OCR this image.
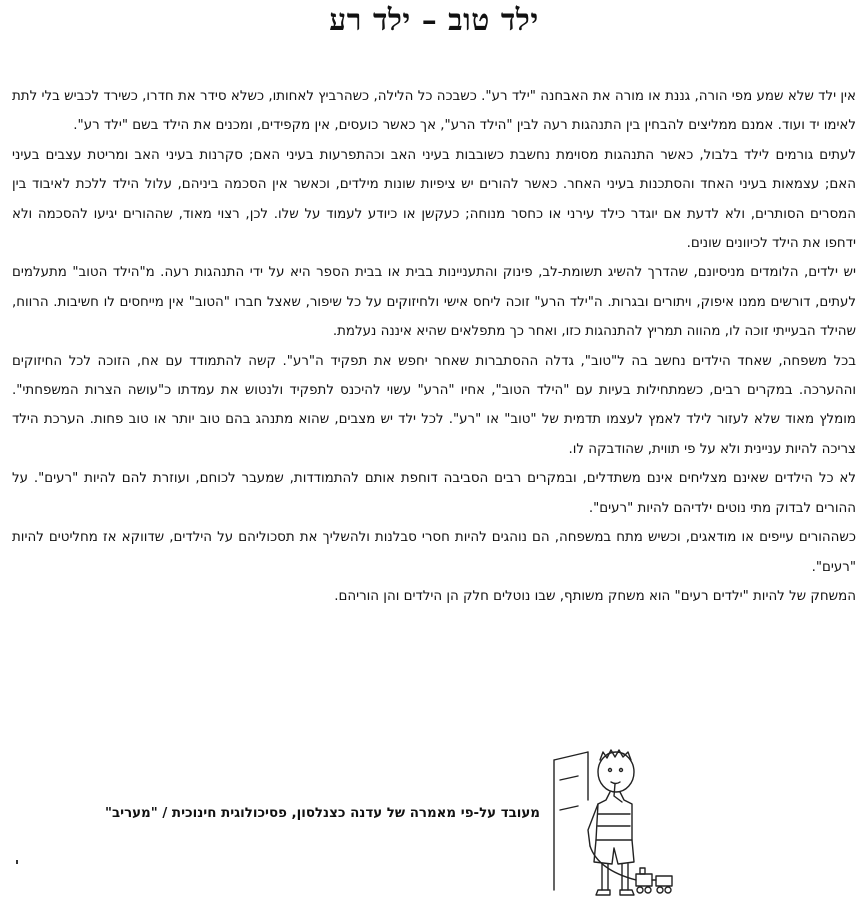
ילד טוב – ילד רע

אין ילד שלא שמע מפי הורה, גננת או מורה את האבחנה "ילד רע". כשבכה כל הלילה, כשהרביץ לאחותו, כשלא סידר את חדרו, כשירד לכביש בלי לתת לאימו יד ועוד. אמנם ממליצים להבחין בין התנהגות רעה לבין "הילד הרע", אך כאשר כועסים, אין מקפידים, ומכנים את הילד בשם "ילד רע".

לעתים גורמים לילד בלבול, כאשר התנהגות מסוימת נחשבת כשובבות בעיני האב וכהתפרעות בעיני האם; סקרנות בעיני האב ומריטת עצבים בעיני האם; עצמאות בעיני האחד והסתכנות בעיני האחר. כאשר להורים יש ציפיות שונות מילדים, וכאשר אין הסכמה ביניהם, עלול הילד ללכת לאיבוד בין המסרים הסותרים, ולא לדעת אם יוגדר כילד עירני או כחסר מנוחה; כעקשן או כיודע לעמוד על שלו. לכן, רצוי מאוד, שההורים יגיעו להסכמה ולא ידחפו את הילד לכיוונים שונים.

יש ילדים, הלומדים מניסיונם, שהדרך להשיג תשומת-לב, פינוק והתעניינות בבית או בבית הספר היא על ידי התנהגות רעה. מ"הילד הטוב" מתעלמים לעתים, דורשים ממנו איפוק, ויתורים ובגרות. ה"ילד הרע" זוכה ליחס אישי ולחיזוקים על כל שיפור, שאצל חברו "הטוב" אין מייחסים לו חשיבות. הרווח, שהילד הבעייתי זוכה לו, מהווה תמריץ להתנהגות כזו, ואחר כך מתפלאים שהיא איננה נעלמת.

בכל משפחה, שאחד הילדים נחשב בה ל"טוב", גדלה ההסתברות שאחר יחפש את תפקיד ה"רע". קשה להתמודד עם אח, הזוכה לכל החיזוקים וההערכה. במקרים רבים, כשמתחילות בעיות עם "הילד הטוב", אחיו "הרע" עשוי להיכנס לתפקיד ולנטוש את עמדתו כ"עושה הצרות המשפחתי". מומלץ מאוד שלא לעזור לילד לאמץ לעצמו תדמית של "טוב" או "רע". לכל ילד יש מצבים, שהוא מתנהג בהם טוב יותר או טוב פחות. הערכת הילד צריכה להיות עניינית ולא על פי תווית, שהודבקה לו.

לא כל הילדים שאינם מצליחים אינם משתדלים, ובמקרים רבים הסביבה דוחפת אותם להתמודדות, שמעבר לכוחם, ועוזרת להם להיות "רעים". על ההורים לבדוק מתי נוטים ילדיהם להיות "רעים".

כשההורים עייפים או מודאגים, וכשיש מתח במשפחה, הם נוהגים להיות חסרי סבלנות ולהשליך את תסכוליהם על הילדים, שדווקא אז מחליטים להיות "רעים".

המשחק של להיות "ילדים רעים" הוא משחק משותף, שבו נוטלים חלק הן הילדים והן הוריהם.

מעובד על-פי מאמרה של עדנה כצנלסון, פסיכולוגית חינוכית / "מעריב"
